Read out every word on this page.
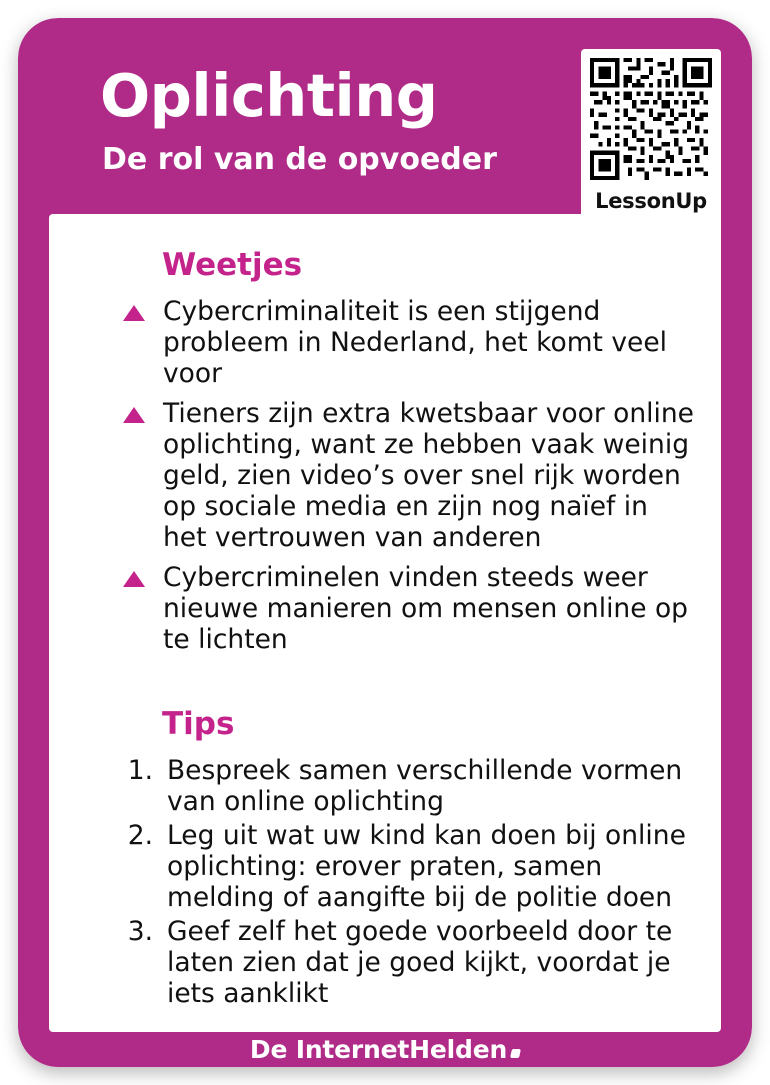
Weetjes
Cybercriminaliteit is een stijgend probleem in Nederland, het komt veel voor
Tieners zijn extra kwetsbaar voor online oplichting, want ze hebben vaak weinig geld, zien video’s over snel rijk worden op sociale media en zijn nog naïef in het vertrouwen van anderen
Cybercriminelen vinden steeds weer nieuwe manieren om mensen online op te lichten
Tips
1. Bespreek samen verschillende vormen van online oplichting
2. Leg uit wat uw kind kan doen bij online oplichting: erover praten, samen melding of aangifte bij de politie doen
3. Geef zelf het goede voorbeeld door te laten zien dat je goed kijkt, voordat je iets aanklikt
Oplichting
De rol van de opvoeder
LessonUp
De InternetHelden
